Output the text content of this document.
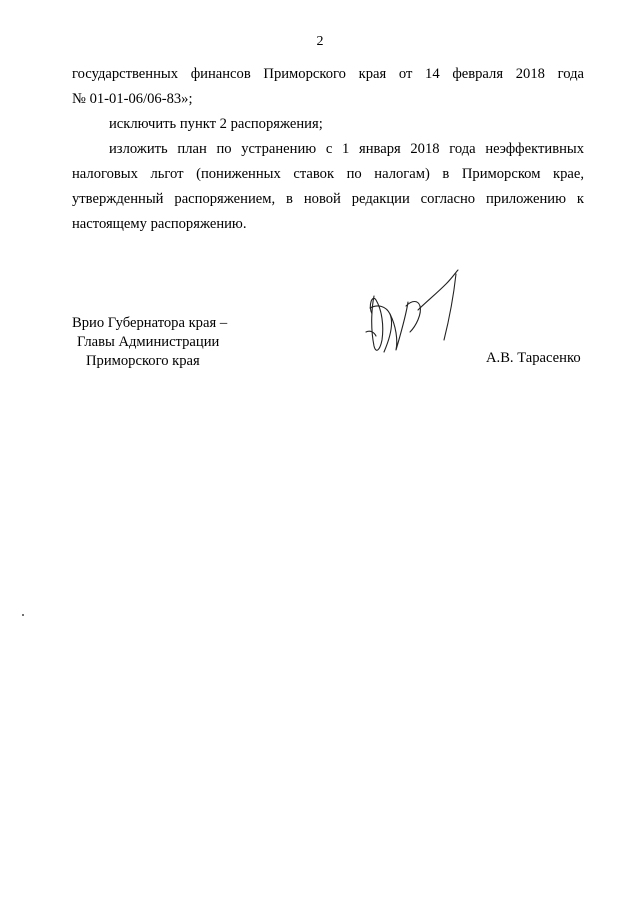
2

государственных финансов Приморского края от 14 февраля 2018 года

№ 01-01-06/06-83»;

исключить пункт 2 распоряжения;

изложить план по устранению с 1 января 2018 года неэффективных налоговых льгот (пониженных ставок по налогам) в Приморском крае, утвержденный распоряжением, в новой редакции согласно приложению к настоящему распоряжению.

Врио Губернатора края –
Главы Администрации
Приморского края	А.В. Тарасенко
